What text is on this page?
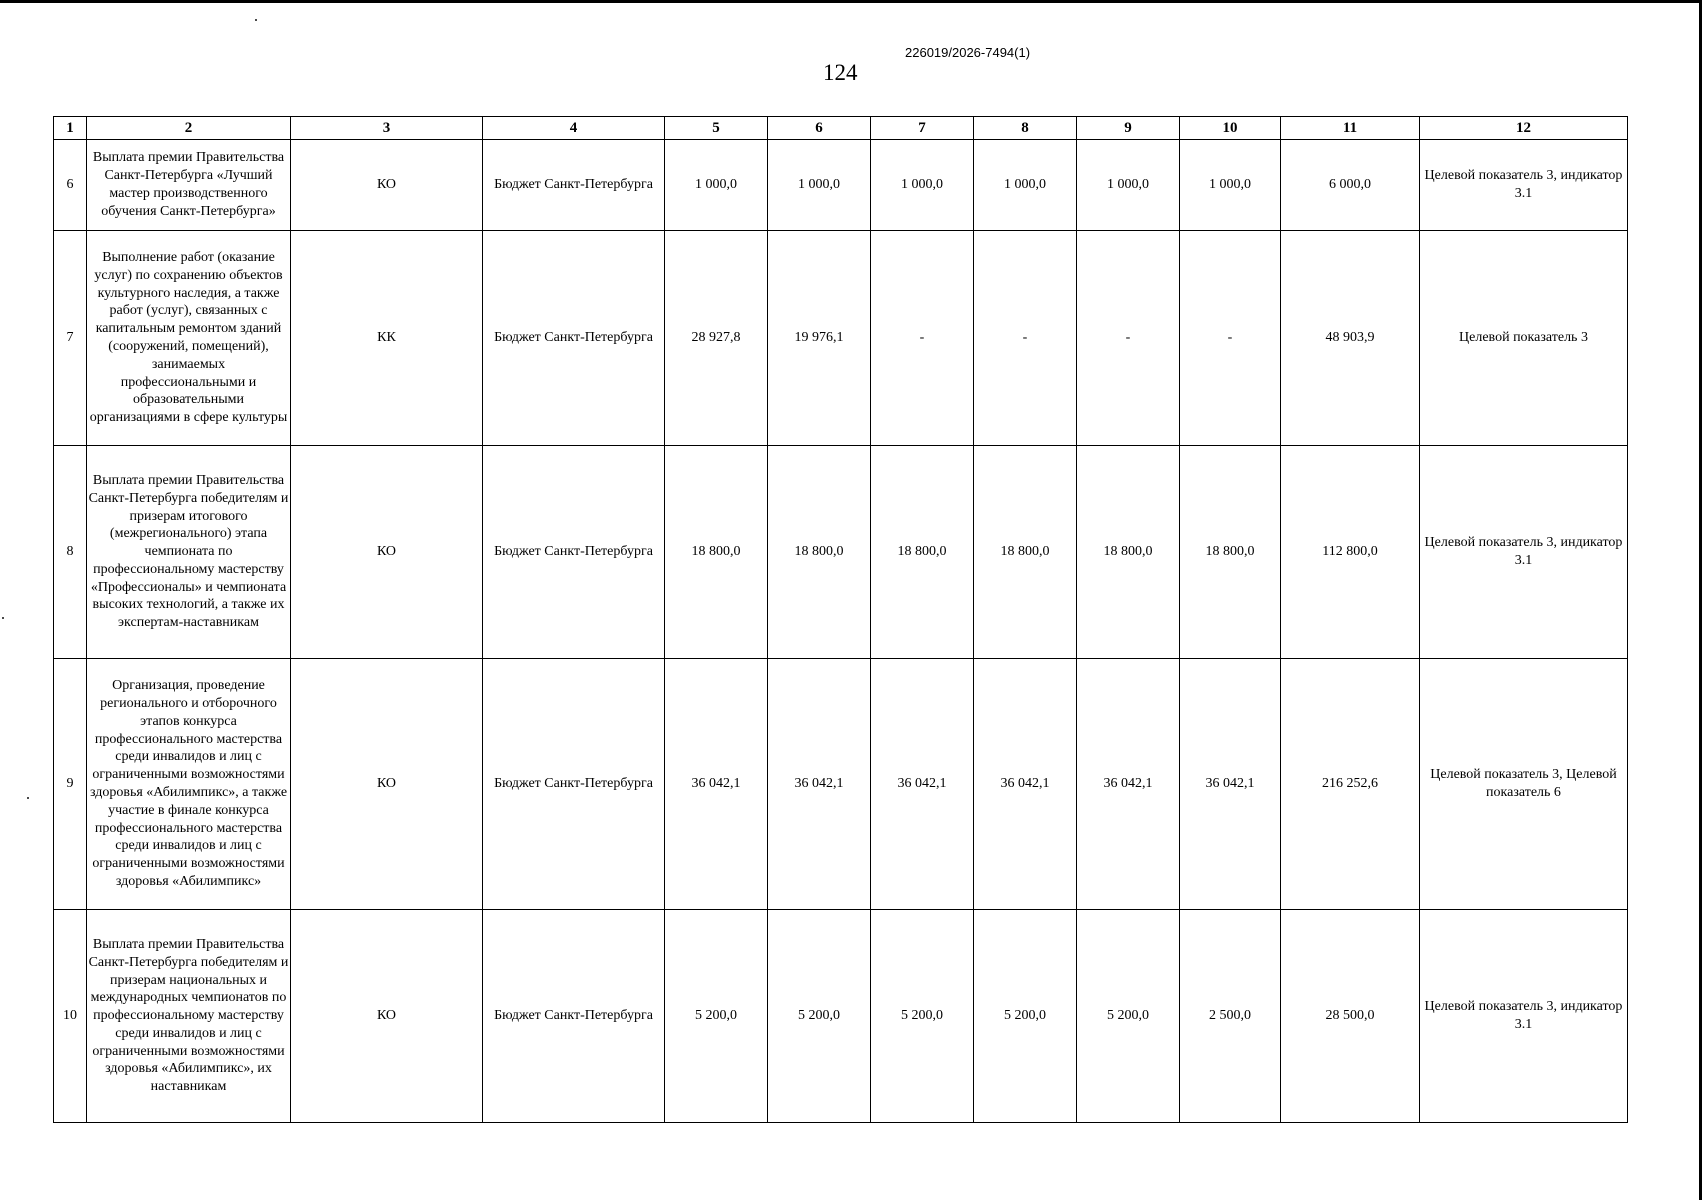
226019/2026-7494(1)
124
1	2	3	4	5	6	7	8	9	10	11	12
6	Выплата премии Правительства Санкт-Петербурга «Лучший мастер производственного обучения Санкт-Петербурга»	КО	Бюджет Санкт-Петербурга	1 000,0	1 000,0	1 000,0	1 000,0	1 000,0	1 000,0	6 000,0	Целевой показатель 3, индикатор 3.1
7	Выполнение работ (оказание услуг) по сохранению объектов культурного наследия, а также работ (услуг), связанных с капитальным ремонтом зданий (сооружений, помещений), занимаемых профессиональными и образовательными организациями в сфере культуры	КК	Бюджет Санкт-Петербурга	28 927,8	19 976,1	-	-	-	-	48 903,9	Целевой показатель 3
8	Выплата премии Правительства Санкт-Петербурга победителям и призерам итогового (межрегионального) этапа чемпионата по профессиональному мастерству «Профессионалы» и чемпионата высоких технологий, а также их экспертам-наставникам	КО	Бюджет Санкт-Петербурга	18 800,0	18 800,0	18 800,0	18 800,0	18 800,0	18 800,0	112 800,0	Целевой показатель 3, индикатор 3.1
9	Организация, проведение регионального и отборочного этапов конкурса профессионального мастерства среди инвалидов и лиц с ограниченными возможностями здоровья «Абилимпикс», а также участие в финале конкурса профессионального мастерства среди инвалидов и лиц с ограниченными возможностями здоровья «Абилимпикс»	КО	Бюджет Санкт-Петербурга	36 042,1	36 042,1	36 042,1	36 042,1	36 042,1	36 042,1	216 252,6	Целевой показатель 3, Целевой показатель 6
10	Выплата премии Правительства Санкт-Петербурга победителям и призерам национальных и международных чемпионатов по профессиональному мастерству среди инвалидов и лиц с ограниченными возможностями здоровья «Абилимпикс», их наставникам	КО	Бюджет Санкт-Петербурга	5 200,0	5 200,0	5 200,0	5 200,0	5 200,0	2 500,0	28 500,0	Целевой показатель 3, индикатор 3.1
